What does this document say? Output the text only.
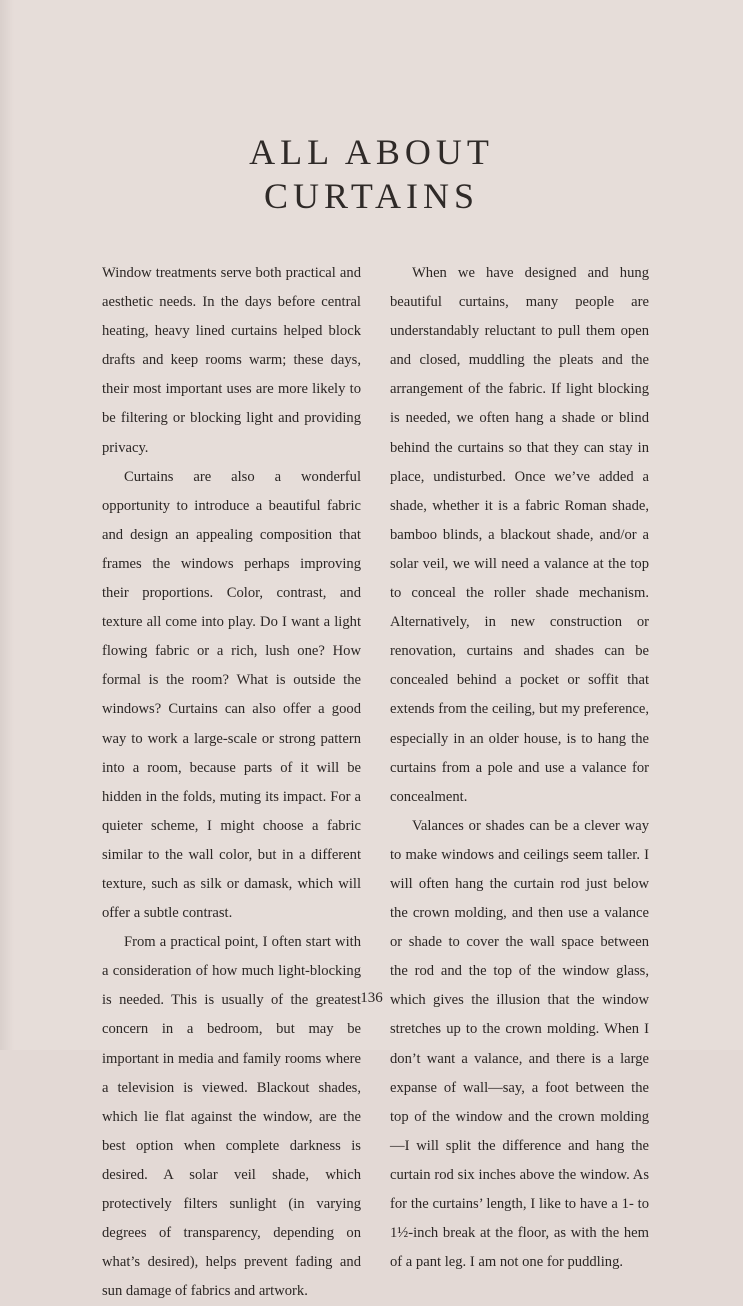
ALL ABOUT
CURTAINS

Window treatments serve both practical and aesthetic needs. In the days before central heating, heavy lined curtains helped block drafts and keep rooms warm; these days, their most important uses are more likely to be filtering or blocking light and providing privacy.

Curtains are also a wonderful opportunity to introduce a beautiful fabric and design an appealing composition that frames the windows perhaps improving their proportions. Color, contrast, and texture all come into play. Do I want a light flowing fabric or a rich, lush one? How formal is the room? What is outside the windows? Curtains can also offer a good way to work a large-scale or strong pattern into a room, because parts of it will be hidden in the folds, muting its impact. For a quieter scheme, I might choose a fabric similar to the wall color, but in a different texture, such as silk or damask, which will offer a subtle contrast.

From a practical point, I often start with a consideration of how much light-blocking is needed. This is usually of the greatest concern in a bedroom, but may be important in media and family rooms where a television is viewed. Blackout shades, which lie flat against the window, are the best option when complete darkness is desired. A solar veil shade, which protectively filters sunlight (in varying degrees of transparency, depending on what’s desired), helps prevent fading and sun damage of fabrics and artwork.

When we have designed and hung beautiful curtains, many people are understandably reluctant to pull them open and closed, muddling the pleats and the arrangement of the fabric. If light blocking is needed, we often hang a shade or blind behind the curtains so that they can stay in place, undisturbed. Once we’ve added a shade, whether it is a fabric Roman shade, bamboo blinds, a blackout shade, and/or a solar veil, we will need a valance at the top to conceal the roller shade mechanism. Alternatively, in new construction or renovation, curtains and shades can be concealed behind a pocket or soffit that extends from the ceiling, but my preference, especially in an older house, is to hang the curtains from a pole and use a valance for concealment.

Valances or shades can be a clever way to make windows and ceilings seem taller. I will often hang the curtain rod just below the crown molding, and then use a valance or shade to cover the wall space between the rod and the top of the window glass, which gives the illusion that the window stretches up to the crown molding. When I don’t want a valance, and there is a large expanse of wall—say, a foot between the top of the window and the crown molding—I will split the difference and hang the curtain rod six inches above the window. As for the curtains’ length, I like to have a 1- to 1½-inch break at the floor, as with the hem of a pant leg. I am not one for puddling.

136
